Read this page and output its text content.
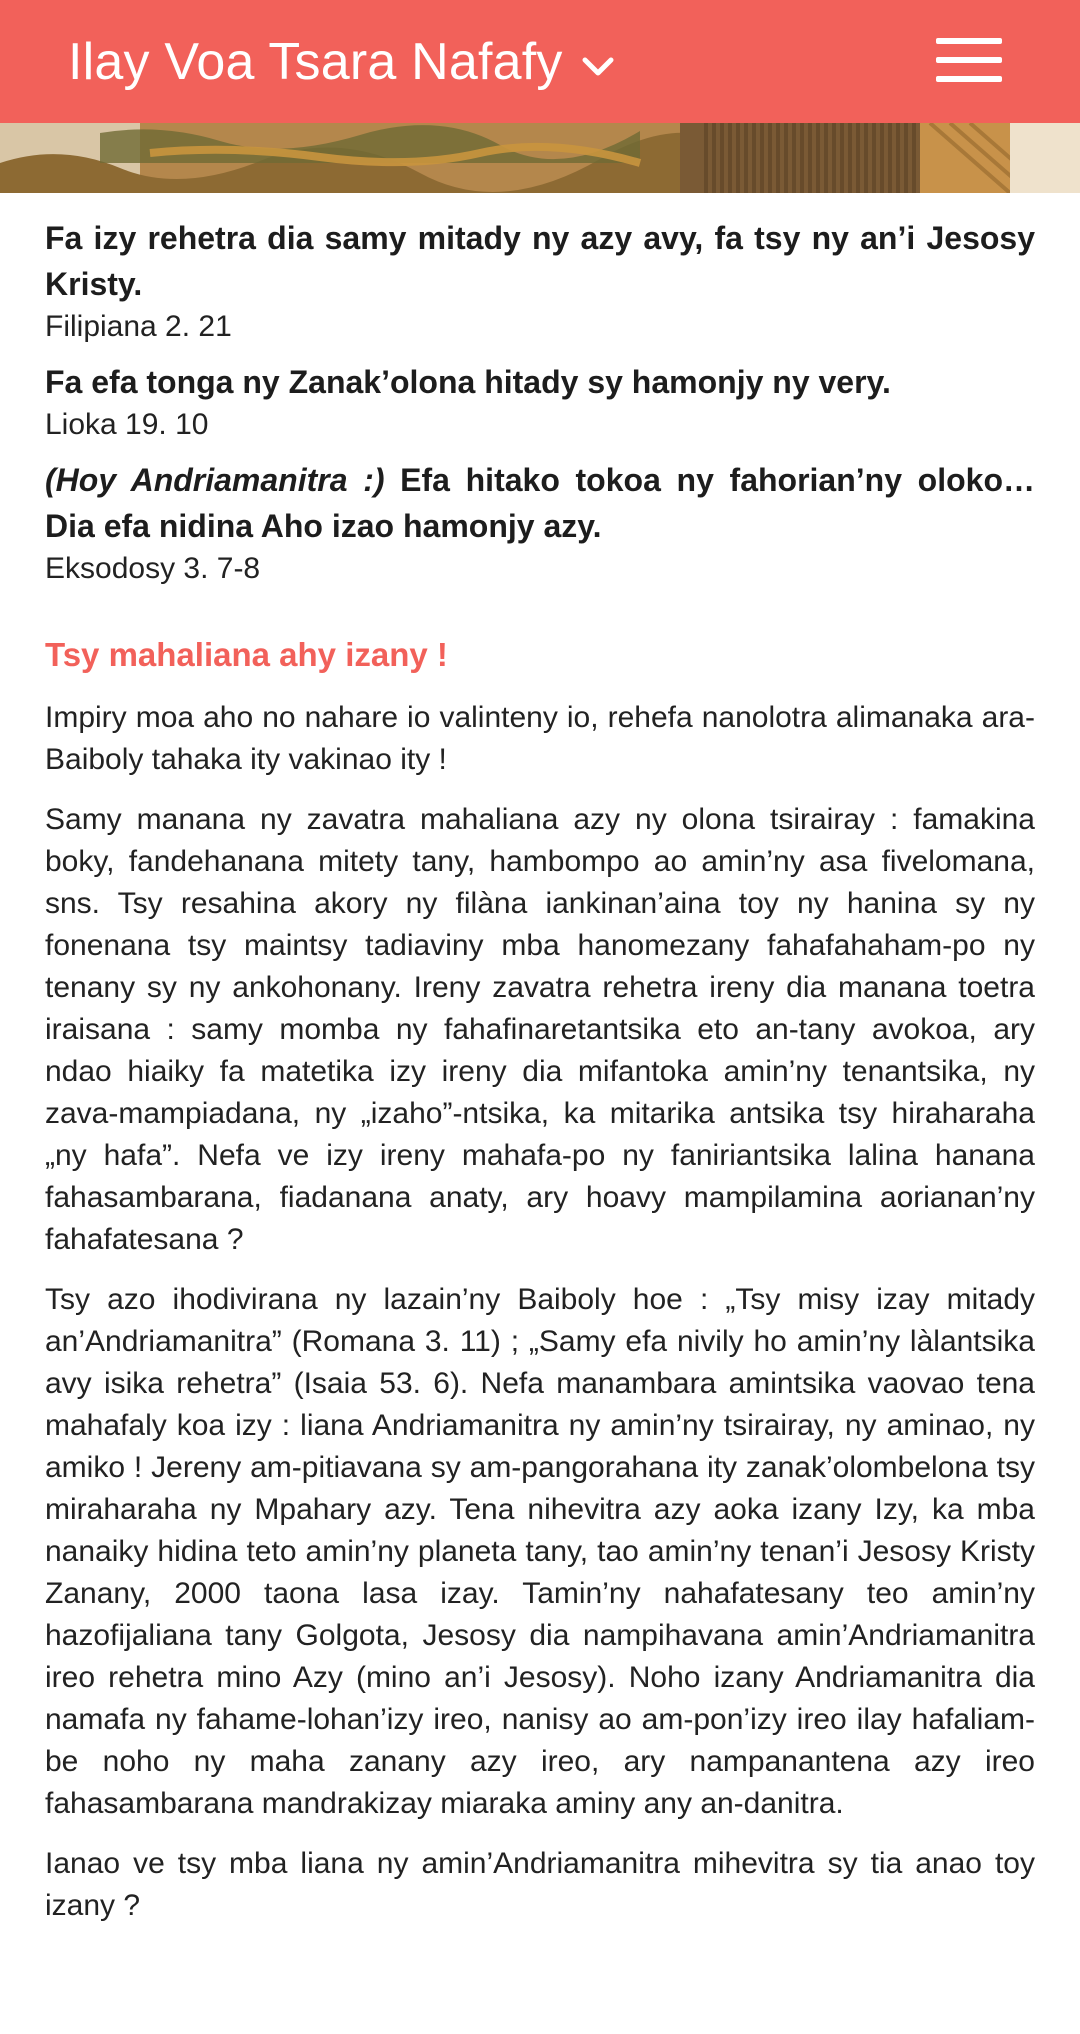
Ilay Voa Tsara Nafafy

Fa izy rehetra dia samy mitady ny azy avy, fa tsy ny an’i Jesosy Kristy.

Filipiana 2. 21

Fa efa tonga ny Zanak’olona hitady sy hamonjy ny very.

Lioka 19. 10

(Hoy Andriamanitra :) Efa hitako tokoa ny fahorian’ny oloko… Dia efa nidina Aho izao hamonjy azy.

Eksodosy 3. 7-8

Tsy mahaliana ahy izany !

Impiry moa aho no nahare io valinteny io, rehefa nanolotra alimanaka ara-Baiboly tahaka ity vakinao ity !

Samy manana ny zavatra mahaliana azy ny olona tsirairay : famakina boky, fandehanana mitety tany, hambompo ao amin’ny asa fivelomana, sns. Tsy resahina akory ny filàna iankinan’aina toy ny hanina sy ny fonenana tsy maintsy tadiaviny mba hanomezany fahafahaham-po ny tenany sy ny ankohonany. Ireny zavatra rehetra ireny dia manana toetra iraisana : samy momba ny fahafinaretantsika eto an-tany avokoa, ary ndao hiaiky fa matetika izy ireny dia mifantoka amin’ny tenantsika, ny zava-mampiadana, ny „izaho”-ntsika, ka mitarika antsika tsy hiraharaha „ny hafa”. Nefa ve izy ireny mahafa-po ny faniriantsika lalina hanana fahasambarana, fiadanana anaty, ary hoavy mampilamina aorianan’ny fahafatesana ?

Tsy azo ihodivirana ny lazain’ny Baiboly hoe : „Tsy misy izay mitady an’Andriamanitra” (Romana 3. 11) ; „Samy efa nivily ho amin’ny làlantsika avy isika rehetra” (Isaia 53. 6). Nefa manambara amintsika vaovao tena mahafaly koa izy : liana Andriamanitra ny amin’ny tsirairay, ny aminao, ny amiko ! Jereny am-pitiavana sy am-pangorahana ity zanak’olombelona tsy miraharaha ny Mpahary azy. Tena nihevitra azy aoka izany Izy, ka mba nanaiky hidina teto amin’ny planeta tany, tao amin’ny tenan’i Jesosy Kristy Zanany, 2000 taona lasa izay. Tamin’ny nahafatesany teo amin’ny hazofijaliana tany Golgota, Jesosy dia nampihavana amin’Andriamanitra ireo rehetra mino Azy (mino an’i Jesosy). Noho izany Andriamanitra dia namafa ny fahame-lohan’izy ireo, nanisy ao am-pon’izy ireo ilay hafaliam-be noho ny maha zanany azy ireo, ary nampanantena azy ireo fahasambarana mandrakizay miaraka aminy any an-danitra.

Ianao ve tsy mba liana ny amin’Andriamanitra mihevitra sy tia anao toy izany ?
